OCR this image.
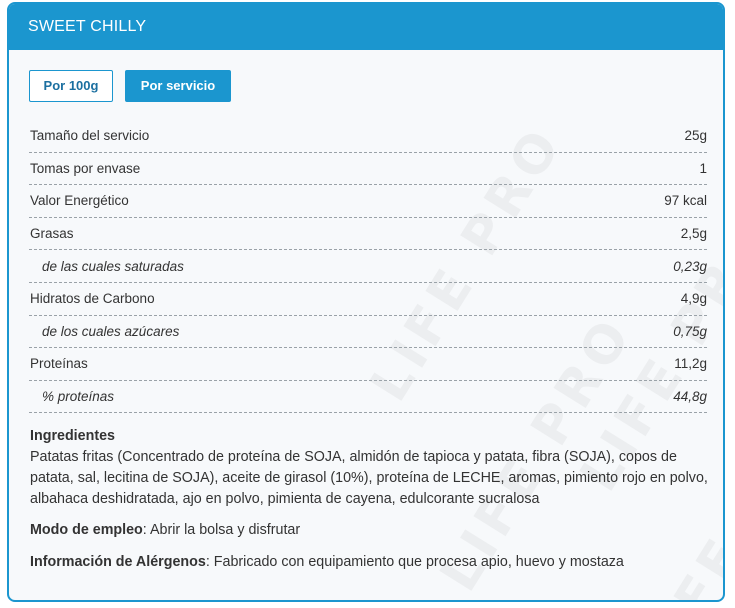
SWEET CHILLY
Por 100g	Por servicio
Tamaño del servicio	25g
Tomas por envase	1
Valor Energético	97 kcal
Grasas	2,5g
de las cuales saturadas	0,23g
Hidratos de Carbono	4,9g
de los cuales azúcares	0,75g
Proteínas	11,2g
% proteínas	44,8g
Ingredientes
Patatas fritas (Concentrado de proteína de SOJA, almidón de tapioca y patata, fibra (SOJA), copos de patata, sal, lecitina de SOJA), aceite de girasol (10%), proteína de LECHE, aromas, pimiento rojo en polvo, albahaca deshidratada, ajo en polvo, pimienta de cayena, edulcorante sucralosa
Modo de empleo: Abrir la bolsa y disfrutar
Información de Alérgenos: Fabricado con equipamiento que procesa apio, huevo y mostaza
